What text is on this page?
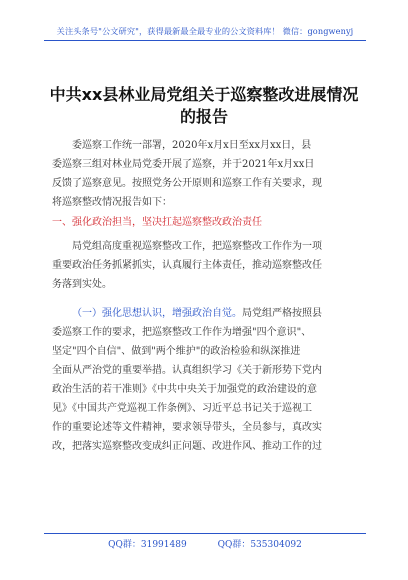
关注头条号"公文研究"，获得最新最全最专业的公文资料库！ 微信：gongwenyj
中共xx县林业局党组关于巡察整改进展情况
的报告
委巡察工作统一部署，2020年x月x日至xx月xx日，县
委巡察三组对林业局党委开展了巡察，并于2021年x月xx日
反馈了巡察意见。按照党务公开原则和巡察工作有关要求，现
将巡察整改情况报告如下：
一、强化政治担当，坚决扛起巡察整改政治责任
局党组高度重视巡察整改工作，把巡察整改工作作为一项
重要政治任务抓紧抓实，认真履行主体责任，推动巡察整改任
务落到实处。
（一）强化思想认识，增强政治自觉。局党组严格按照县
委巡察工作的要求，把巡察整改工作作为增强"四个意识"、
坚定"四个自信"、做到"两个维护"的政治检验和纵深推进
全面从严治党的重要举措。认真组织学习《关于新形势下党内
政治生活的若干准则》《中共中央关于加强党的政治建设的意
见》《中国共产党巡视工作条例》、习近平总书记关于巡视工
作的重要论述等文件精神，要求领导带头，全员参与，真改实
改，把落实巡察整改变成纠正问题、改进作风、推动工作的过
QQ群：31991489	QQ群：535304092
